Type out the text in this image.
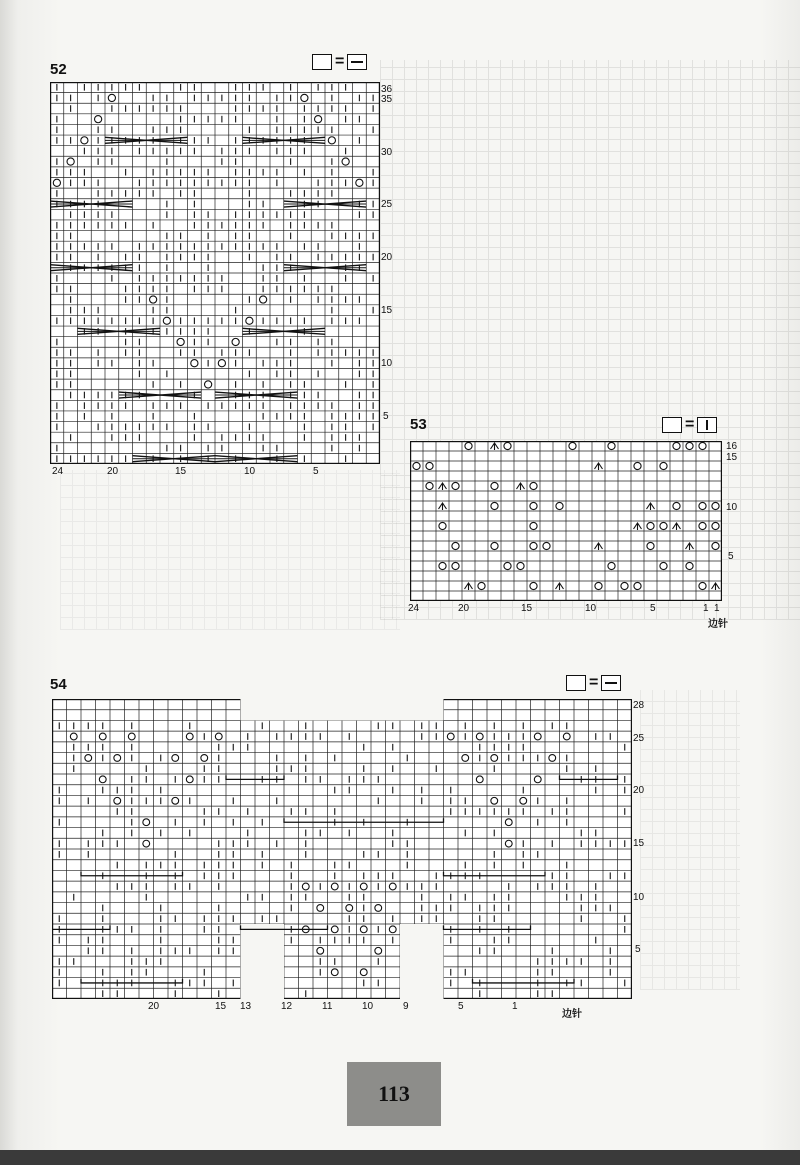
52	=
36
35
30
25
20
15
10
5
24	20	15	10	5
53	=
16
15
10
5
24	20	15	10	5	1 1
边针
54	=
28
25
20
15
10
5
20	15 13	12	11	10	9	5	1
边针
113
